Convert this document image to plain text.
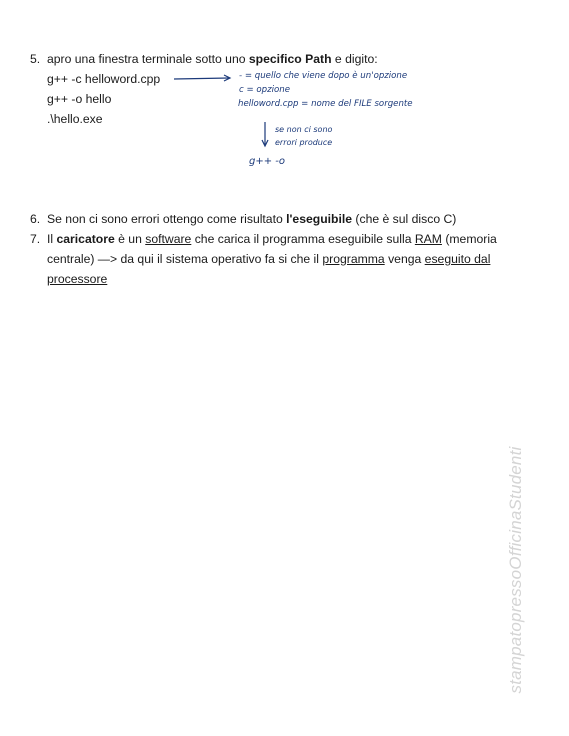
5. apro una finestra terminale sotto uno specifico Path e digito:
g++ -c helloword.cpp
g++ -o hello
.\hello.exe
- = quello che viene dopo è un'opzione
c = opzione
helloword.cpp = nome del FILE sorgente
se non ci sono
errori produce
g++ -o
6. Se non ci sono errori ottengo come risultato l'eseguibile (che è sul disco C)
7. Il caricatore è un software che carica il programma eseguibile sulla RAM (memoria
centrale) —> da qui il sistema operativo fa si che il programma venga eseguito dal
processore
stampatopressoOfficinaStudenti
